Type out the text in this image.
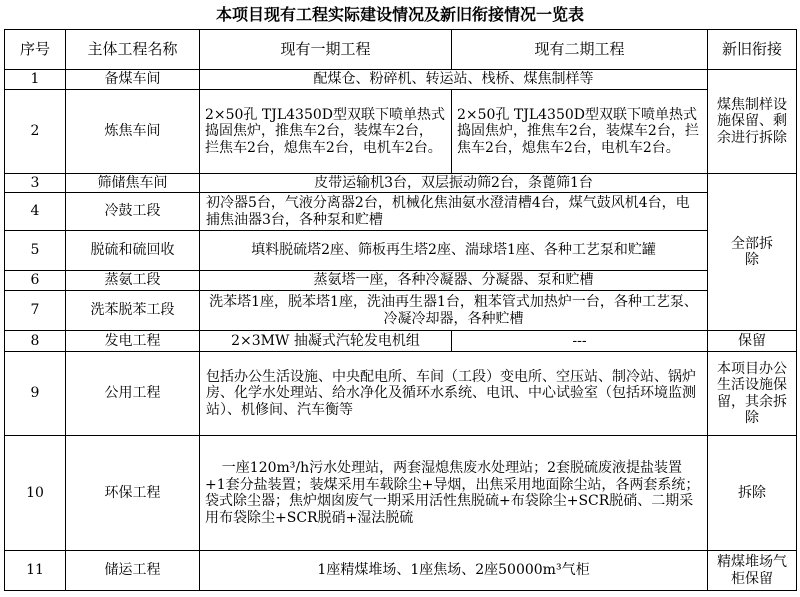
本项目现有工程实际建设情况及新旧衔接情况一览表
序号	主体工程名称	现有一期工程	现有二期工程	新旧衔接
1	备煤车间	配煤仓、粉碎机、转运站、栈桥、煤焦制样等		煤焦制样设施保留、剩余进行拆除
2	炼焦车间	2×50孔 TJL4350D型双联下喷单热式捣固焦炉，推焦车2台，装煤车2台，拦焦车2台，熄焦车2台，电机车2台。	2×50孔 TJL4350D型双联下喷单热式捣固焦炉，推焦车2台，装煤车2台，拦焦车2台，熄焦车2台，电机车2台。	
3	筛储焦车间	皮带运输机3台，双层振动筛2台，条蓖筛1台		全部拆除
4	冷鼓工段	初冷器5台，气液分离器2台，机械化焦油氨水澄清槽4台，煤气鼓风机4台，电捕焦油器3台，各种泵和贮槽		
5	脱硫和硫回收	填料脱硫塔2座、筛板再生塔2座、湍球塔1座、各种工艺泵和贮罐		
6	蒸氨工段	蒸氨塔一座，各种冷凝器、分凝器、泵和贮槽		
7	洗苯脱苯工段	洗苯塔1座，脱苯塔1座，洗油再生器1台，粗苯管式加热炉一台，各种工艺泵、冷凝冷却器，各种贮槽		
8	发电工程	2×3MW 抽凝式汽轮发电机组	---	保留
9	公用工程	包括办公生活设施、中央配电所、车间（工段）变电所、空压站、制冷站、锅炉房、化学水处理站、给水净化及循环水系统、电讯、中心试验室（包括环境监测站）、机修间、汽车衡等		本项目办公生活设施保留，其余拆除
10	环保工程	一座120m³/h污水处理站，两套湿熄焦废水处理站；2套脱硫废液提盐装置+1套分盐装置；装煤采用车载除尘+导烟，出焦采用地面除尘站，各两套系统；袋式除尘器；焦炉烟囱废气一期采用活性焦脱硫+布袋除尘+SCR脱硝、二期采用布袋除尘+SCR脱硝+湿法脱硫		拆除
11	储运工程	1座精煤堆场、1座焦场、2座50000m³气柜		精煤堆场气柜保留
